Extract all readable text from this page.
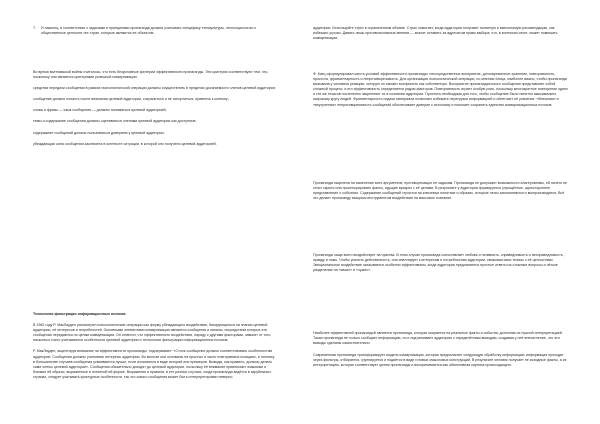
7.	И наконец, в соответствии с задачами и принципами пропаганда должна учитывать специфику этнокультуры, этносоциологии и общественные ценности тех стран, которые являются ее объектом.

Во время вьетнамской войны считалось, что есть безусловные критерии эффективности пропаганды. Эти критерии соответствуют тем, что, поскольку они являются критериями успешной коммуникации:

средства передачи сообщения в рамках психологической операции должны осуществлять в пределах досягаемости членов целевой аудитории;

сообщение должно попасть после внимания целевой аудитории, сохраниться и не испортиться, привлечь к коннону;

слова и фразы — язык сообщения — должны пониматься целевой аудиторией;

темы и содержание сообщения должны оцениваться членами целевой аудитории как доступные;

содержание сообщений должно пользоваться доверием у целевой аудитории;

убеждающая сила сообщения заключена в контексте ситуации, в которой оно получено целевой аудиторией.

Технология фильтрации информационных потоков.

В 1982 году Р. МакЛауден рассмотрел психологические операции как форму убеждающего воздействия, базирующегося на знании целевой аудитории, её интересов и потребностей. Основными элементами коммуникации являются сообщения и каналы, посредством которых эти сообщения передаются по целям коммуникации. Он отметил, что эффективность воздействия, наряду с другими факторами, зависит от того, насколько точно учитываются особенности целевой аудитории и технологии фильтрации информационных потоков.

Р. МакЛауден, акцентируя внимание на эффективности пропаганды, подчеркивает: «Столь сообщение должно соответствовать особенностям аудитории. Сообщения должны учитывать интересы аудитории. Во многом они основаны на простых и часто повторяемых позициях, и поэтому в большинстве случаев сообщения усваиваются лучше, если излагаются в виде историй или примеров. Выводы, как правило, должны делать сами члены целевой аудитории». Сообщения обязательно доходят до целевой аудитории, поскольку её внимание привлекают знакомые и близкие ей образы, выраженные в понятной ей форме. Выражения и правила, в тех разных случаях, когда пропаганда ведётся в зарубежных странах, следует учитывать культурные особенности, так что смысл сообщения может быть интерпретирован неверно.

аудитории. Используйте стрех в ограниченном объеме. Страх помогает, когда аудитории получают понятную и выполнимую рекомендацию, как избежать угрозы. Давать лишь противоположные мнения — значит оставить за адресатом право выбора, что, в конечном итоге, может помешать коммуникации.

Ф. Катц сформулировал шесть условий эффективности пропаганды: непосредственное восприятие, долговременное хранение, повторяемость, простота, фрагментарность и непротиворечивость. Для организации психологической операции, по мнению Катца, наиболее важно, чтобы пропаганда вызывала у человека реакцию, которую он сможет воспринять как собственную. Восприятие пропагандистского сообщения представляет собой сложный процесс, и его эффективность определяется рядом факторов. Повторяемость играет особую роль, поскольку многократное повторение одних и тех же тезисов постепенно закрепляет их в сознании аудитории. Простота необходима для того, чтобы сообщение было понятно максимально широкому кругу людей. Фрагментарность подачи материала позволяет избежать перегрузки информацией и облегчает её усвоение. «Внешняя» и «внутренняя» непротиворечивость сообщений обеспечивает доверие к источнику и помогает сохранить единство коммуникационных потоков.

Пропаганда нацелена на изменение всех аргументов, противоречащих ее задачам. Пропаганда не допускает возможности альтернативы, ей ничего не стоит скрыть или проигнорировать факты, идущие вразрез с её целями. В результате у аудитории формируется упрощённое, одностороннее представление о событиях. Содержание сообщений строится на ключевых понятиях и образах, которые легко запоминаются и воспроизводятся. Всё это делает пропаганду мощным инструментом воздействия на массовое сознание.

Пропаганда чаще всего воздействует на чувства. В этом случае пропаганда сопоставляет любовь и ненависть, справедливость и несправедливость, правду и ложь. Чтобы усилить действенность, она апеллирует к интересам и потребностям аудитории, связывая свои тезисы с её ценностями. Эмоциональное воздействие оказывается особенно эффективным, когда аудитории предлагаются простые ответы на сложные вопросы и чёткое разделение на «своих» и «чужих».

Наиболее эффективной пропагандой является пропаганда, которая опирается на реальные факты и события, дополняя их нужной интерпретацией. Такая пропаганда не только сообщает информацию, но и подталкивает аудиторию к определённым выводам, создавая у неё впечатление, что эти выводы сделаны самостоятельно.

Современная пропаганда трансформирует модель коммуникации, которая предполагает следующую обработку информации: информация проходит через фильтры, отбирается, группируется и подаётся в виде готовых смысловых конструкций. В результате человек получает не исходные факты, а их интерпретацию, которая соответствует целям пропаганды и воспринимается как объективная картина происходящего.
